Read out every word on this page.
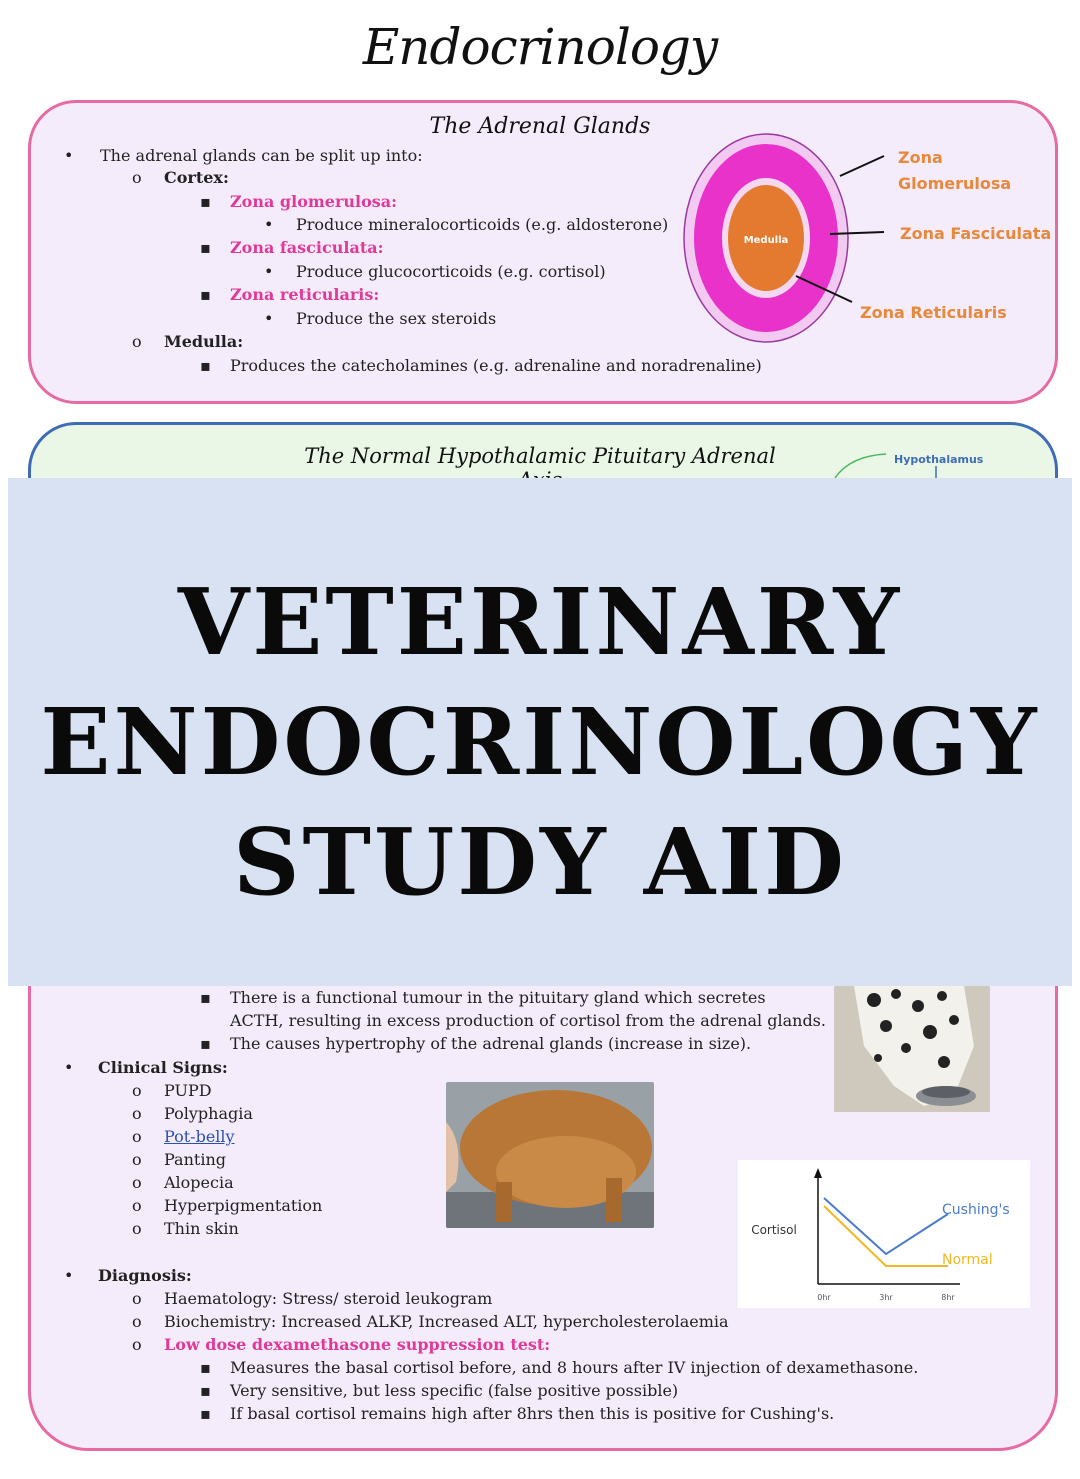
Endocrinology
The Adrenal Glands
• The adrenal glands can be split up into:
o Cortex:
▪ Zona glomerulosa:
• Produce mineralocorticoids (e.g. aldosterone)
▪ Zona fasciculata:
• Produce glucocorticoids (e.g. cortisol)
▪ Zona reticularis:
• Produce the sex steroids
o Medulla:
▪ Produces the catecholamines (e.g. adrenaline and noradrenaline)
Medulla
Zona
Glomerulosa
Zona Fasciculata
Zona Reticularis
The Normal Hypothalamic Pituitary Adrenal	Hypothalamus
▪ There is a functional tumour in the pituitary gland which secretes
ACTH, resulting in excess production of cortisol from the adrenal glands.
▪ The causes hypertrophy of the adrenal glands (increase in size).
• Clinical Signs:
o PUPD
o Polyphagia
o Pot-belly
o Panting
o Alopecia
o Hyperpigmentation
o Thin skin
• Diagnosis:
o Haematology: Stress/ steroid leukogram
o Biochemistry: Increased ALKP, Increased ALT, hypercholesterolaemia
o Low dose dexamethasone suppression test:
▪ Measures the basal cortisol before, and 8 hours after IV injection of dexamethasone.
▪ Very sensitive, but less specific (false positive possible)
▪ If basal cortisol remains high after 8hrs then this is positive for Cushing's.
Cortisol
0hr	3hr	8hr
Cushing's
Normal
VETERINARY
ENDOCRINOLOGY
STUDY AID
